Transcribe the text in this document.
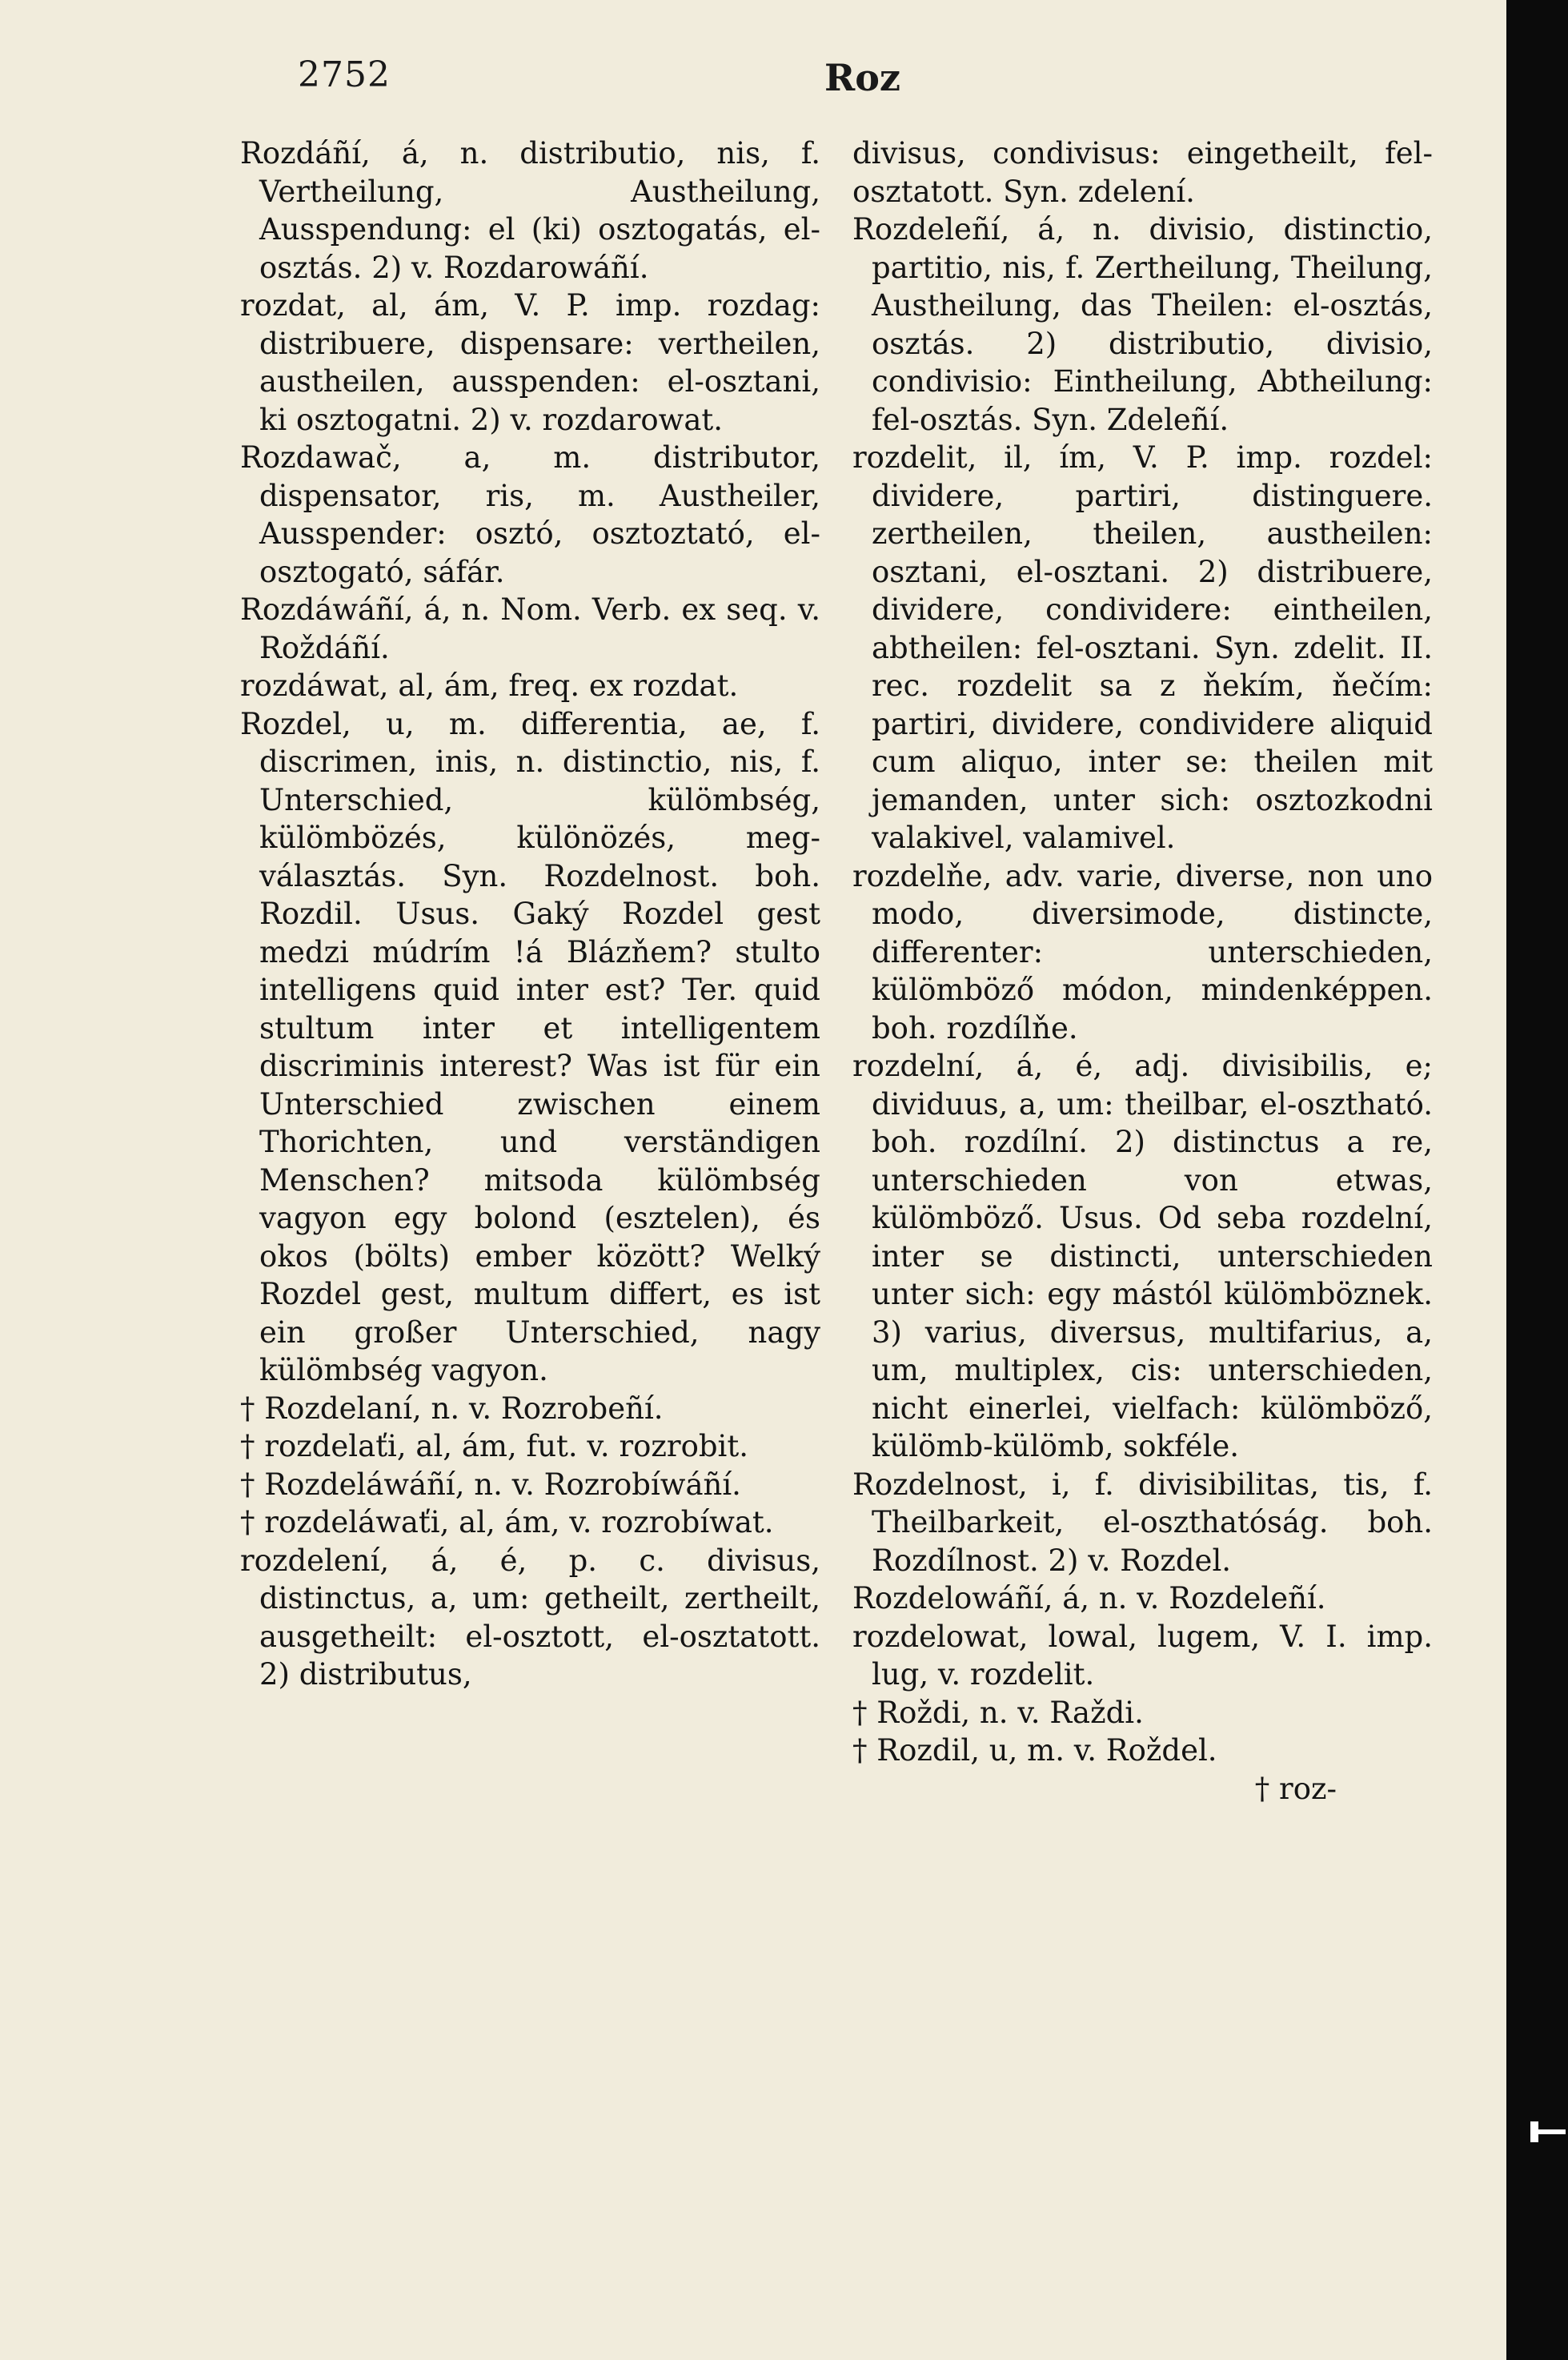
2752	Roz

Rozdáñí, á, n. distributio, nis, f. Vertheilung, Austheilung, Ausspendung: el (ki) osztogatás, el-osztás. 2) v. Rozdarowáñí.

rozdat, al, ám, V. P. imp. rozdag: distribuere, dispensare: vertheilen, austheilen, ausspenden: el-osztani, ki osztogatni. 2) v. rozdarowat.

Rozdawač, a, m. distributor, dispensator, ris, m. Austheiler, Ausspender: osztó, osztoztató, el-osztogató, sáfár.

Rozdáwáñí, á, n. Nom. Verb. ex seq. v. Roždáñí.

rozdáwat, al, ám, freq. ex rozdat.

Rozdel, u, m. differentia, ae, f. discrimen, inis, n. distinctio, nis, f. Unterschied, külömbség, külömbözés, különözés, meg-választás. Syn. Rozdelnost. boh. Rozdil. Usus. Gaký Rozdel gest medzi múdrím !á Blázňem? stulto intelligens quid inter est? Ter. quid stultum inter et intelligentem discriminis interest? Was ist für ein Unterschied zwischen einem Thorichten, und verständigen Menschen? mitsoda külömbség vagyon egy bolond (esztelen), és okos (bölts) ember között? Welký Rozdel gest, multum differt, es ist ein großer Unterschied, nagy külömbség vagyon.

† Rozdelaní, n. v. Rozrobeñí.

† rozdelaťi, al, ám, fut. v. rozrobit.

† Rozdeláwáñí, n. v. Rozrobíwáñí.

† rozdeláwaťi, al, ám, v. rozrobíwat.

rozdelení, á, é, p. c. divisus, distinctus, a, um: getheilt, zertheilt, ausgetheilt: el-osztott, el-osztatott. 2) distributus,

divisus, condivisus: eingetheilt, fel-osztatott. Syn. zdelení.

Rozdeleñí, á, n. divisio, distinctio, partitio, nis, f. Zertheilung, Theilung, Austheilung, das Theilen: el-osztás, osztás. 2) distributio, divisio, condivisio: Eintheilung, Abtheilung: fel-osztás. Syn. Zdeleñí.

rozdelit, il, ím, V. P. imp. rozdel: dividere, partiri, distinguere. zertheilen, theilen, austheilen: osztani, el-osztani. 2) distribuere, dividere, condividere: eintheilen, abtheilen: fel-osztani. Syn. zdelit. II. rec. rozdelit sa z ňekím, ňečím: partiri, dividere, condividere aliquid cum aliquo, inter se: theilen mit jemanden, unter sich: osztozkodni valakivel, valamivel.

rozdelňe, adv. varie, diverse, non uno modo, diversimode, distincte, differenter: unterschieden, külömböző módon, mindenképpen. boh. rozdílňe.

rozdelní, á, é, adj. divisibilis, e; dividuus, a, um: theilbar, el-osztható. boh. rozdílní. 2) distinctus a re, unterschieden von etwas, külömböző. Usus. Od seba rozdelní, inter se distincti, unterschieden unter sich: egy mástól külömböznek. 3) varius, diversus, multifarius, a, um, multiplex, cis: unterschieden, nicht einerlei, vielfach: külömböző, külömb-külömb, sokféle.

Rozdelnost, i, f. divisibilitas, tis, f. Theilbarkeit, el-oszthatóság. boh. Rozdílnost. 2) v. Rozdel.

Rozdelowáñí, á, n. v. Rozdeleñí.

rozdelowat, lowal, lugem, V. I. imp. lug, v. rozdelit.

† Roždi, n. v. Raždi.

† Rozdil, u, m. v. Roždel.

† roz-
